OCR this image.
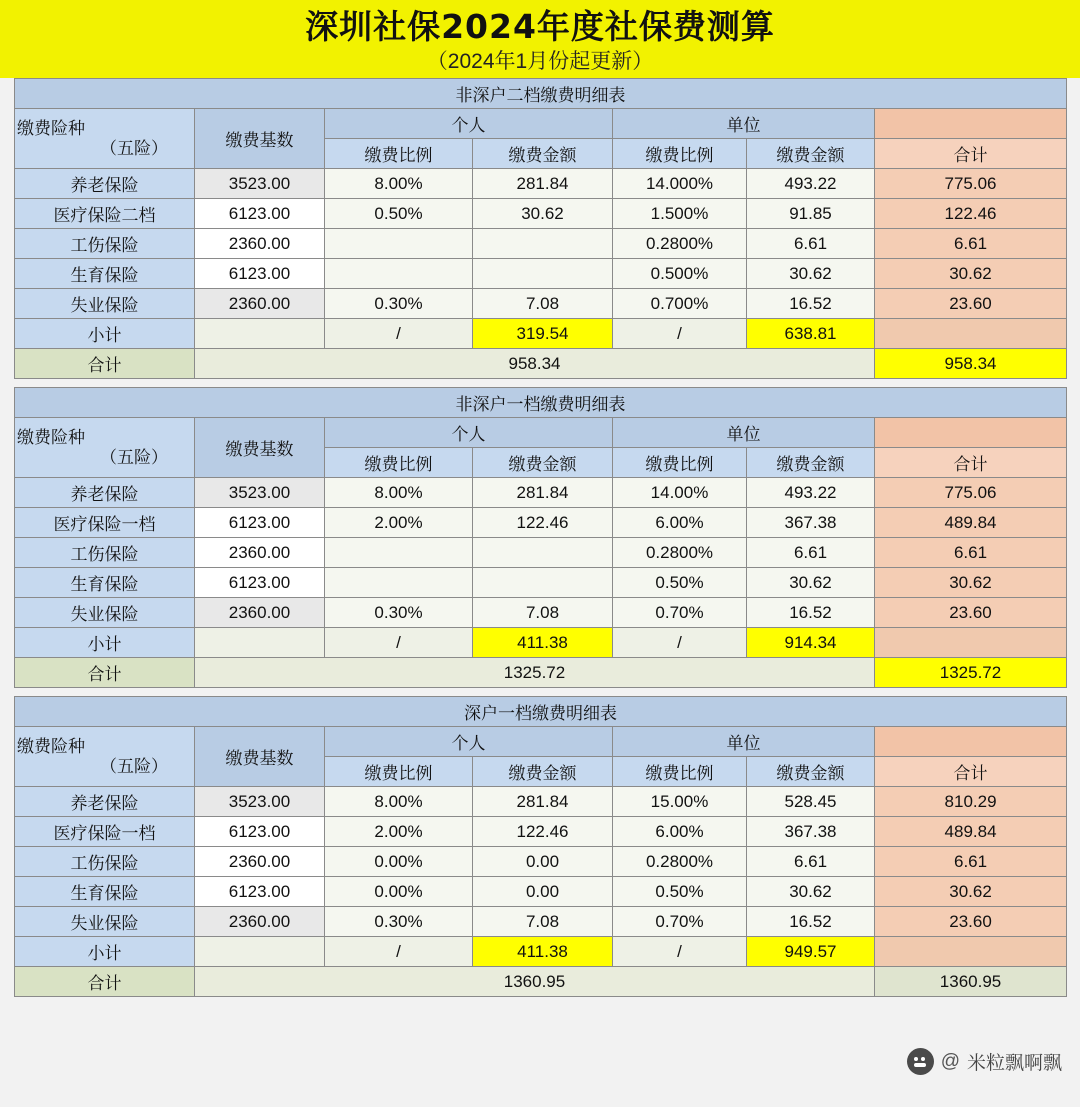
深圳社保2024年度社保费测算
（2024年1月份起更新）
非深户二档缴费明细表						

缴费险种
（五险）	缴费基数	个人		单位		
		缴费比例	缴费金额	缴费比例	缴费金额	合计
养老保险	3523.00	8.00%	281.84	14.000%	493.22	775.06
医疗保险二档	6123.00	0.50%	30.62	1.500%	91.85	122.46
工伤保险	2360.00			0.2800%	6.61	6.61
生育保险	6123.00			0.500%	30.62	30.62
失业保险	2360.00	0.30%	7.08	0.700%	16.52	23.60
小计		/	319.54	/	638.81	
合计	958.34					958.34
非深户一档缴费明细表						

缴费险种
（五险）	缴费基数	个人		单位		
		缴费比例	缴费金额	缴费比例	缴费金额	合计
养老保险	3523.00	8.00%	281.84	14.00%	493.22	775.06
医疗保险一档	6123.00	2.00%	122.46	6.00%	367.38	489.84
工伤保险	2360.00			0.2800%	6.61	6.61
生育保险	6123.00			0.50%	30.62	30.62
失业保险	2360.00	0.30%	7.08	0.70%	16.52	23.60
小计		/	411.38	/	914.34	
合计	1325.72					1325.72
深户一档缴费明细表						

缴费险种
（五险）	缴费基数	个人		单位		
		缴费比例	缴费金额	缴费比例	缴费金额	合计
养老保险	3523.00	8.00%	281.84	15.00%	528.45	810.29
医疗保险一档	6123.00	2.00%	122.46	6.00%	367.38	489.84
工伤保险	2360.00	0.00%	0.00	0.2800%	6.61	6.61
生育保险	6123.00	0.00%	0.00	0.50%	30.62	30.62
失业保险	2360.00	0.30%	7.08	0.70%	16.52	23.60
小计		/	411.38	/	949.57	
合计	1360.95					1360.95
@ 米粒飘啊飘
